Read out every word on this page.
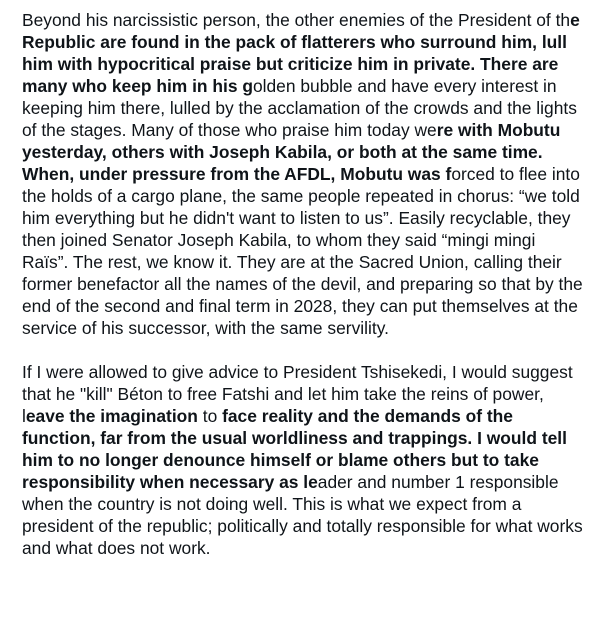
Beyond his narcissistic person, the other enemies of the President of the Republic are found in the pack of flatterers who surround him, lull him with hypocritical praise but criticize him in private. There are many who keep him in his golden bubble and have every interest in keeping him there, lulled by the acclamation of the crowds and the lights of the stages. Many of those who praise him today were with Mobutu yesterday, others with Joseph Kabila, or both at the same time. When, under pressure from the AFDL, Mobutu was forced to flee into the holds of a cargo plane, the same people repeated in chorus: “we told him everything but he didn't want to listen to us”. Easily recyclable, they then joined Senator Joseph Kabila, to whom they said “mingi mingi Raïs”. The rest, we know it. They are at the Sacred Union, calling their former benefactor all the names of the devil, and preparing so that by the end of the second and final term in 2028, they can put themselves at the service of his successor, with the same servility.

If I were allowed to give advice to President Tshisekedi, I would suggest that he "kill" Béton to free Fatshi and let him take the reins of power, leave the imagination to face reality and the demands of the function, far from the usual worldliness and trappings. I would tell him to no longer denounce himself or blame others but to take responsibility when necessary as leader and number 1 responsible when the country is not doing well. This is what we expect from a president of the republic; politically and totally responsible for what works and what does not work.
